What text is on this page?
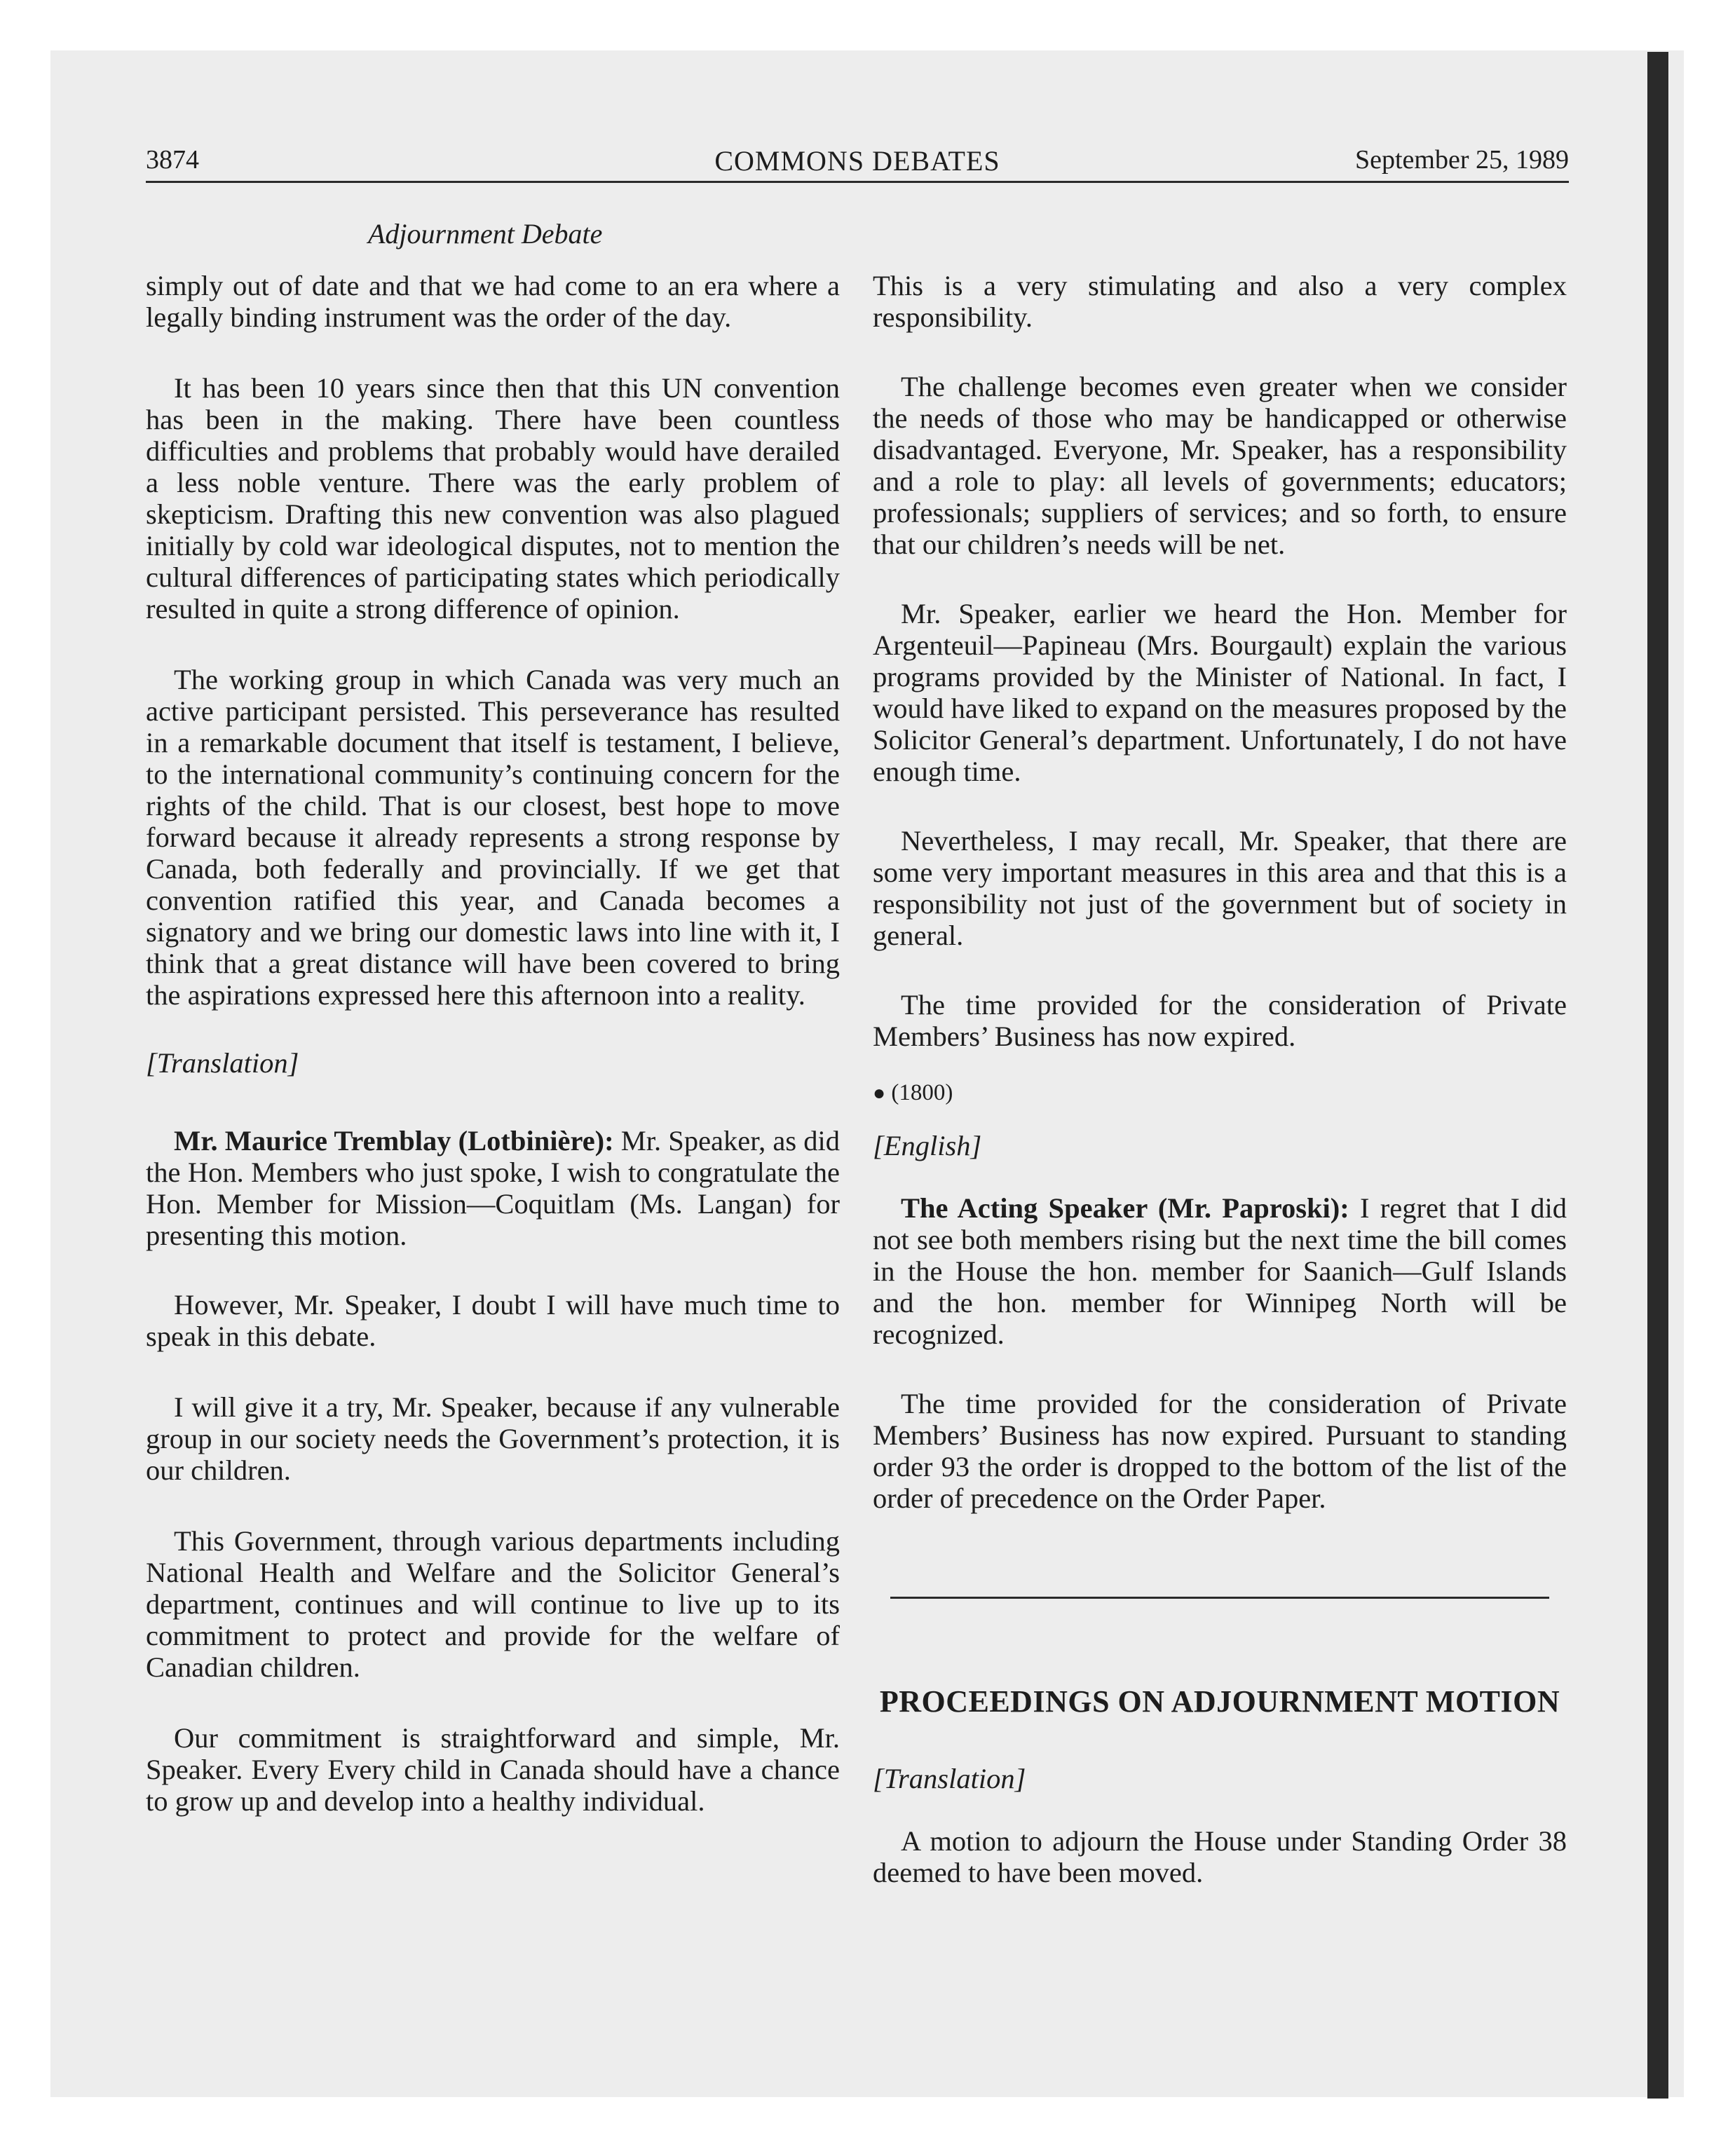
3874	COMMONS DEBATES	September 25, 1989
Adjournment Debate

simply out of date and that we had come to an era where a legally binding instrument was the order of the day.

It has been 10 years since then that this UN convention has been in the making. There have been countless difficulties and problems that probably would have derailed a less noble venture. There was the early problem of skepticism. Drafting this new convention was also plagued initially by cold war ideological disputes, not to mention the cultural differences of participating states which periodically resulted in quite a strong difference of opinion.

The working group in which Canada was very much an active participant persisted. This perseverance has resulted in a remarkable document that itself is testament, I believe, to the international community’s continuing concern for the rights of the child. That is our closest, best hope to move forward because it already represents a strong response by Canada, both federally and provincially. If we get that convention ratified this year, and Canada becomes a signatory and we bring our domestic laws into line with it, I think that a great distance will have been covered to bring the aspirations expressed here this afternoon into a reality.

[Translation]

Mr. Maurice Tremblay (Lotbinière): Mr. Speaker, as did the Hon. Members who just spoke, I wish to congratulate the Hon. Member for Mission—Coquitlam (Ms. Langan) for presenting this motion.

However, Mr. Speaker, I doubt I will have much time to speak in this debate.

I will give it a try, Mr. Speaker, because if any vulnerable group in our society needs the Government’s protection, it is our children.

This Government, through various departments including National Health and Welfare and the Solicitor General’s department, continues and will continue to live up to its commitment to protect and provide for the welfare of Canadian children.

Our commitment is straightforward and simple, Mr. Speaker. Every Every child in Canada should have a chance to grow up and develop into a healthy individual.

This is a very stimulating and also a very complex responsibility.

The challenge becomes even greater when we consider the needs of those who may be handicapped or otherwise disadvantaged. Everyone, Mr. Speaker, has a responsibility and a role to play: all levels of governments; educators; professionals; suppliers of services; and so forth, to ensure that our children’s needs will be net.

Mr. Speaker, earlier we heard the Hon. Member for Argenteuil—Papineau (Mrs. Bourgault) explain the various programs provided by the Minister of National. In fact, I would have liked to expand on the measures proposed by the Solicitor General’s department. Unfortunately, I do not have enough time.

Nevertheless, I may recall, Mr. Speaker, that there are some very important measures in this area and that this is a responsibility not just of the government but of society in general.

The time provided for the consideration of Private Members’ Business has now expired.

● (1800)

[English]

The Acting Speaker (Mr. Paproski): I regret that I did not see both members rising but the next time the bill comes in the House the hon. member for Saanich—Gulf Islands and the hon. member for Winnipeg North will be recognized.

The time provided for the consideration of Private Members’ Business has now expired. Pursuant to standing order 93 the order is dropped to the bottom of the list of the order of precedence on the Order Paper.

PROCEEDINGS ON ADJOURNMENT MOTION

[Translation]

A motion to adjourn the House under Standing Order 38 deemed to have been moved.
